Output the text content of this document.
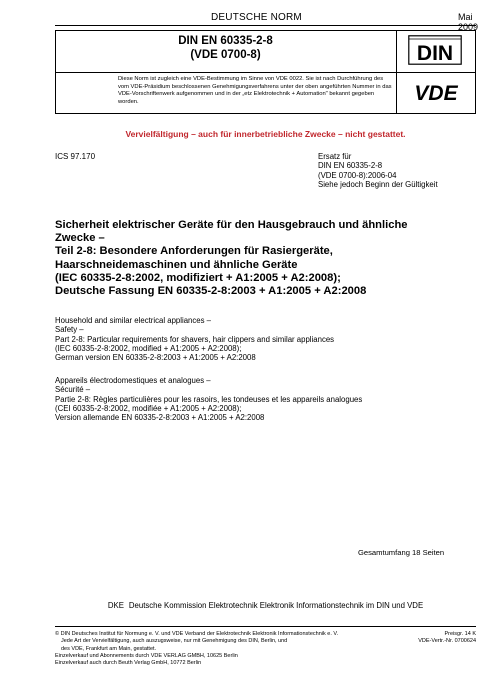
DEUTSCHE NORM	Mai 2009
DIN EN 60335-2-8
(VDE 0700-8)
Diese Norm ist zugleich eine VDE-Bestimmung im Sinne von VDE 0022. Sie ist nach Durchführung des vom VDE-Präsidium beschlossenen Genehmigungsverfahrens unter der oben angeführten Nummer in das VDE-Vorschriftenwerk aufgenommen und in der „etz Elektrotechnik + Automation" bekannt gegeben worden.
DIN
VDE
Vervielfältigung – auch für innerbetriebliche Zwecke – nicht gestattet.
ICS 97.170	Ersatz für
DIN EN 60335-2-8
(VDE 0700-8):2006-04
Siehe jedoch Beginn der Gültigkeit
Sicherheit elektrischer Geräte für den Hausgebrauch und ähnliche
Zwecke –
Teil 2-8: Besondere Anforderungen für Rasiergeräte,
Haarschneidemaschinen und ähnliche Geräte
(IEC 60335-2-8:2002, modifiziert + A1:2005 + A2:2008);
Deutsche Fassung EN 60335-2-8:2003 + A1:2005 + A2:2008
Household and similar electrical appliances –
Safety –
Part 2-8: Particular requirements for shavers, hair clippers and similar appliances
(IEC 60335-2-8:2002, modified + A1:2005 + A2:2008);
German version EN 60335-2-8:2003 + A1:2005 + A2:2008
Appareils électrodomestiques et analogues –
Sécurité –
Partie 2-8: Règles particulières pour les rasoirs, les tondeuses et les appareils analogues
(CEI 60335-2-8:2002, modifiée + A1:2005 + A2:2008);
Version allemande EN 60335-2-8:2003 + A1:2005 + A2:2008
Gesamtumfang 18 Seiten
DKE Deutsche Kommission Elektrotechnik Elektronik Informationstechnik im DIN und VDE
© DIN Deutsches Institut für Normung e. V. und VDE Verband der Elektrotechnik Elektronik Informationstechnik e. V.
Jede Art der Vervielfältigung, auch auszugsweise, nur mit Genehmigung des DIN, Berlin, und
des VDE, Frankfurt am Main, gestattet.
Einzelverkauf und Abonnements durch VDE VERLAG GMBH, 10625 Berlin
Einzelverkauf auch durch Beuth Verlag GmbH, 10772 Berlin
Preisgr. 14 K
VDE-Vertr.-Nr. 0700624
